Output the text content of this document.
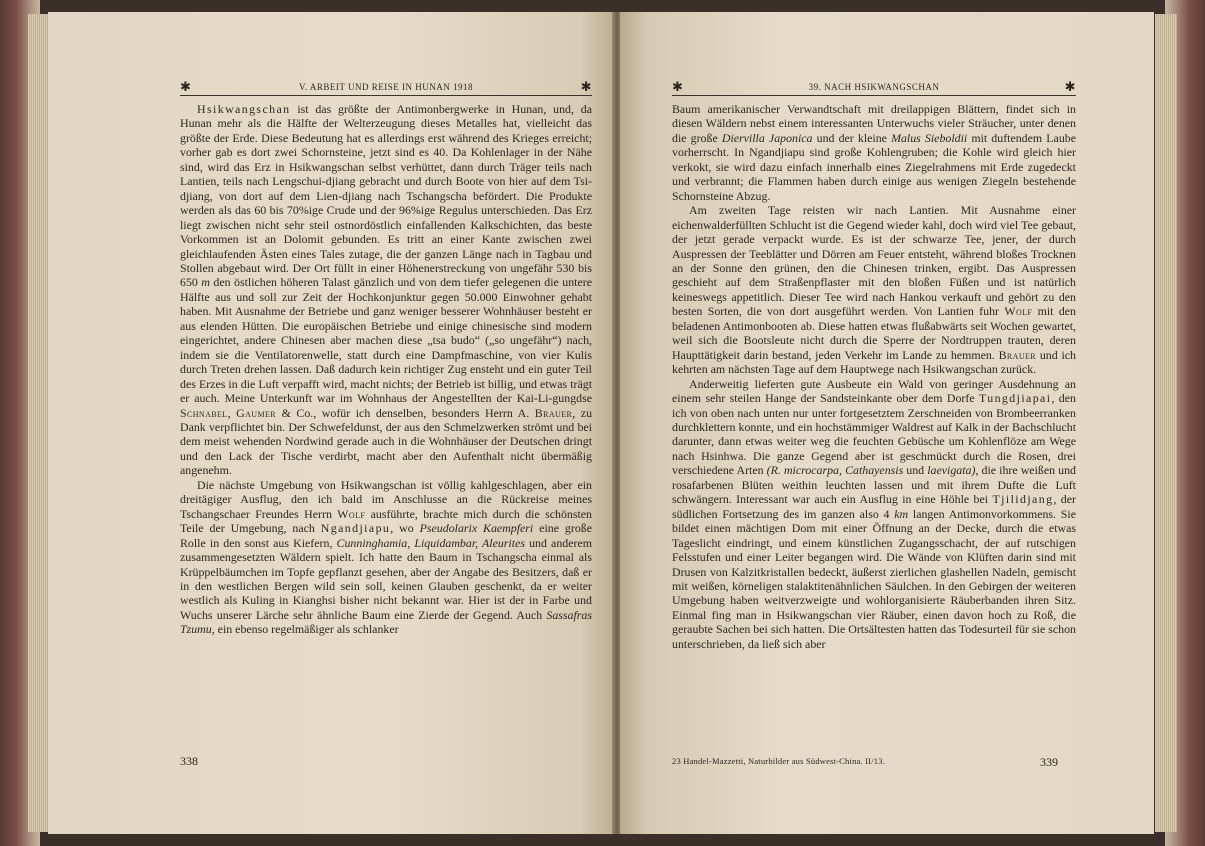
✱	V. ARBEIT UND REISE IN HUNAN 1918	✱

Hsikwangschan ist das größte der Antimonbergwerke in Hunan, und, da Hunan mehr als die Hälfte der Welterzeugung dieses Metalles hat, vielleicht das größte der Erde. Diese Bedeutung hat es allerdings erst während des Krieges erreicht; vorher gab es dort zwei Schornsteine, jetzt sind es 40. Da Kohlenlager in der Nähe sind, wird das Erz in Hsikwangschan selbst verhüttet, dann durch Träger teils nach Lantien, teils nach Lengschui-djiang gebracht und durch Boote von hier auf dem Tsi-djiang, von dort auf dem Lien-djiang nach Tschangscha befördert. Die Produkte werden als das 60 bis 70%ige Crude und der 96%ige Regulus unterschieden. Das Erz liegt zwischen nicht sehr steil ostnordöstlich einfallenden Kalkschichten, das beste Vorkommen ist an Dolomit gebunden. Es tritt an einer Kante zwischen zwei gleichlaufenden Ästen eines Tales zutage, die der ganzen Länge nach in Tagbau und Stollen abgebaut wird. Der Ort füllt in einer Höhenerstreckung von ungefähr 530 bis 650 m den östlichen höheren Talast gänzlich und von dem tiefer gelegenen die untere Hälfte aus und soll zur Zeit der Hochkonjunktur gegen 50.000 Einwohner gehabt haben. Mit Ausnahme der Betriebe und ganz weniger besserer Wohnhäuser besteht er aus elenden Hütten. Die europäischen Betriebe und einige chinesische sind modern eingerichtet, andere Chinesen aber machen diese „tsa budo“ („so ungefähr“) nach, indem sie die Ventilatorenwelle, statt durch eine Dampfmaschine, von vier Kulis durch Treten drehen lassen. Daß dadurch kein richtiger Zug ensteht und ein guter Teil des Erzes in die Luft verpafft wird, macht nichts; der Betrieb ist billig, und etwas trägt er auch. Meine Unterkunft war im Wohnhaus der Angestellten der Kai-Li-gungdse Schnabel, Gaumer & Co., wofür ich denselben, besonders Herrn A. Brauer, zu Dank verpflichtet bin. Der Schwefeldunst, der aus den Schmelzwerken strömt und bei dem meist wehenden Nordwind gerade auch in die Wohnhäuser der Deutschen dringt und den Lack der Tische verdirbt, macht aber den Aufenthalt nicht übermäßig angenehm.

Die nächste Umgebung von Hsikwangschan ist völlig kahlgeschlagen, aber ein dreitägiger Ausflug, den ich bald im Anschlusse an die Rückreise meines Tschangschaer Freundes Herrn Wolf ausführte, brachte mich durch die schönsten Teile der Umgebung, nach Ngandjiapu, wo Pseudolarix Kaempferi eine große Rolle in den sonst aus Kiefern, Cunninghamia, Liquidambar, Aleurites und anderem zusammengesetzten Wäldern spielt. Ich hatte den Baum in Tschangscha einmal als Krüppelbäumchen im Topfe gepflanzt gesehen, aber der Angabe des Besitzers, daß er in den westlichen Bergen wild sein soll, keinen Glauben geschenkt, da er weiter westlich als Kuling in Kianghsi bisher nicht bekannt war. Hier ist der in Farbe und Wuchs unserer Lärche sehr ähnliche Baum eine Zierde der Gegend. Auch Sassafras Tzumu, ein ebenso regelmäßiger als schlanker

338
✱	39. NACH HSIKWANGSCHAN	✱

Baum amerikanischer Verwandtschaft mit dreilappigen Blättern, findet sich in diesen Wäldern nebst einem interessanten Unterwuchs vieler Sträucher, unter denen die große Diervilla Japonica und der kleine Malus Sieboldii mit duftendem Laube vorherrscht. In Ngandjiapu sind große Kohlengruben; die Kohle wird gleich hier verkokt, sie wird dazu einfach innerhalb eines Ziegelrahmens mit Erde zugedeckt und verbrannt; die Flammen haben durch einige aus wenigen Ziegeln bestehende Schornsteine Abzug.

Am zweiten Tage reisten wir nach Lantien. Mit Ausnahme einer eichenwalderfüllten Schlucht ist die Gegend wieder kahl, doch wird viel Tee gebaut, der jetzt gerade verpackt wurde. Es ist der schwarze Tee, jener, der durch Auspressen der Teeblätter und Dörren am Feuer entsteht, während bloßes Trocknen an der Sonne den grünen, den die Chinesen trinken, ergibt. Das Auspressen geschieht auf dem Straßenpflaster mit den bloßen Füßen und ist natürlich keineswegs appetitlich. Dieser Tee wird nach Hankou verkauft und gehört zu den besten Sorten, die von dort ausgeführt werden. Von Lantien fuhr Wolf mit den beladenen Antimonbooten ab. Diese hatten etwas flußabwärts seit Wochen gewartet, weil sich die Bootsleute nicht durch die Sperre der Nordtruppen trauten, deren Haupttätigkeit darin bestand, jeden Verkehr im Lande zu hemmen. Brauer und ich kehrten am nächsten Tage auf dem Hauptwege nach Hsikwangschan zurück.

Anderweitig lieferten gute Ausbeute ein Wald von geringer Ausdehnung an einem sehr steilen Hange der Sandsteinkante ober dem Dorfe Tungdjiapai, den ich von oben nach unten nur unter fortgesetztem Zerschneiden von Brombeerranken durchklettern konnte, und ein hochstämmiger Waldrest auf Kalk in der Bachschlucht darunter, dann etwas weiter weg die feuchten Gebüsche um Kohlenflöze am Wege nach Hsinhwa. Die ganze Gegend aber ist geschmückt durch die Rosen, drei verschiedene Arten (R. microcarpa, Cathayensis und laevigata), die ihre weißen und rosafarbenen Blüten weithin leuchten lassen und mit ihrem Dufte die Luft schwängern. Interessant war auch ein Ausflug in eine Höhle bei Tjilidjang, der südlichen Fortsetzung des im ganzen also 4 km langen Antimonvorkommens. Sie bildet einen mächtigen Dom mit einer Öffnung an der Decke, durch die etwas Tageslicht eindringt, und einem künstlichen Zugangsschacht, der auf rutschigen Felsstufen und einer Leiter begangen wird. Die Wände von Klüften darin sind mit Drusen von Kalzitkristallen bedeckt, äußerst zierlichen glashellen Nadeln, gemischt mit weißen, körneligen stalaktitenähnlichen Säulchen. In den Gebirgen der weiteren Umgebung haben weitverzweigte und wohlorganisierte Räuberbanden ihren Sitz. Einmal fing man in Hsikwangschan vier Räuber, einen davon hoch zu Roß, die geraubte Sachen bei sich hatten. Die Ortsältesten hatten das Todesurteil für sie schon unterschrieben, da ließ sich aber

23 Handel-Mazzetti, Naturbilder aus Südwest-China. II/13.	339
